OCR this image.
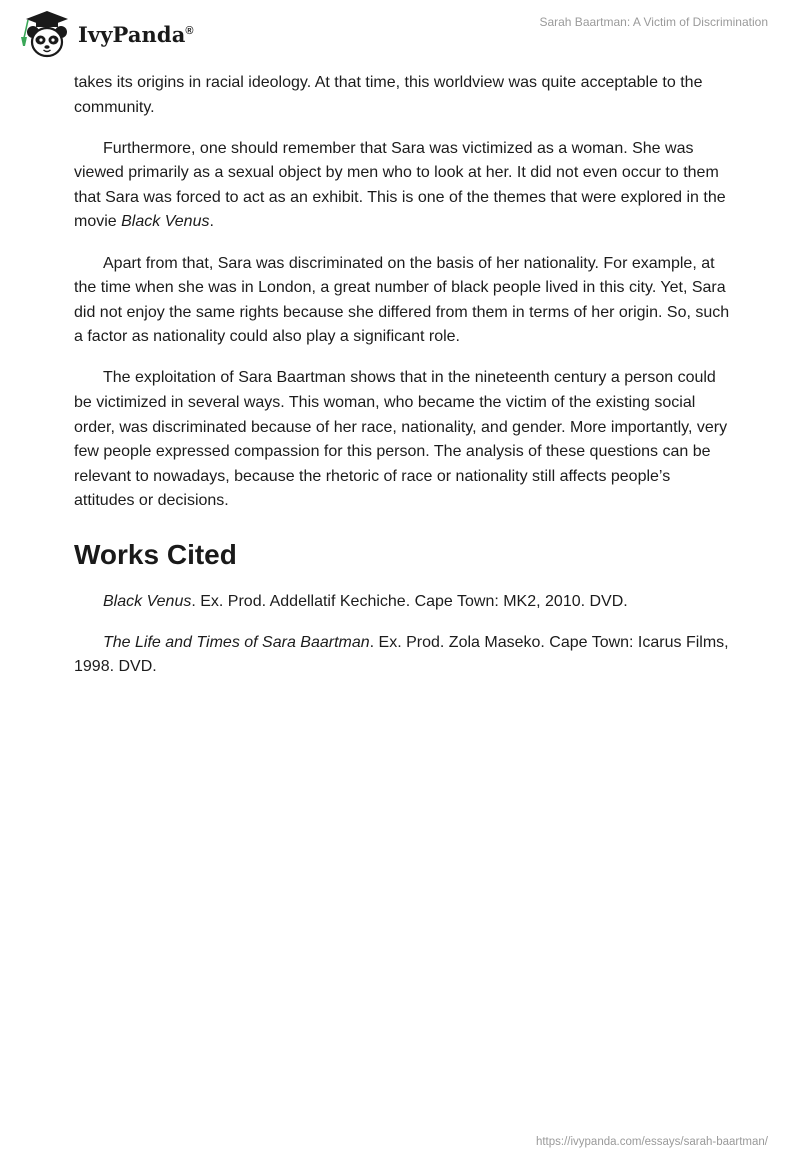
IvyPanda®
Sarah Baartman: A Victim of Discrimination

takes its origins in racial ideology. At that time, this worldview was quite acceptable to the community.

Furthermore, one should remember that Sara was victimized as a woman. She was viewed primarily as a sexual object by men who to look at her. It did not even occur to them that Sara was forced to act as an exhibit. This is one of the themes that were explored in the movie Black Venus.

Apart from that, Sara was discriminated on the basis of her nationality. For example, at the time when she was in London, a great number of black people lived in this city. Yet, Sara did not enjoy the same rights because she differed from them in terms of her origin. So, such a factor as nationality could also play a significant role.

The exploitation of Sara Baartman shows that in the nineteenth century a person could be victimized in several ways. This woman, who became the victim of the existing social order, was discriminated because of her race, nationality, and gender. More importantly, very few people expressed compassion for this person. The analysis of these questions can be relevant to nowadays, because the rhetoric of race or nationality still affects people’s attitudes or decisions.

Works Cited

Black Venus. Ex. Prod. Addellatif Kechiche. Cape Town: MK2, 2010. DVD.

The Life and Times of Sara Baartman. Ex. Prod. Zola Maseko. Cape Town: Icarus Films, 1998. DVD.

https://ivypanda.com/essays/sarah-baartman/
